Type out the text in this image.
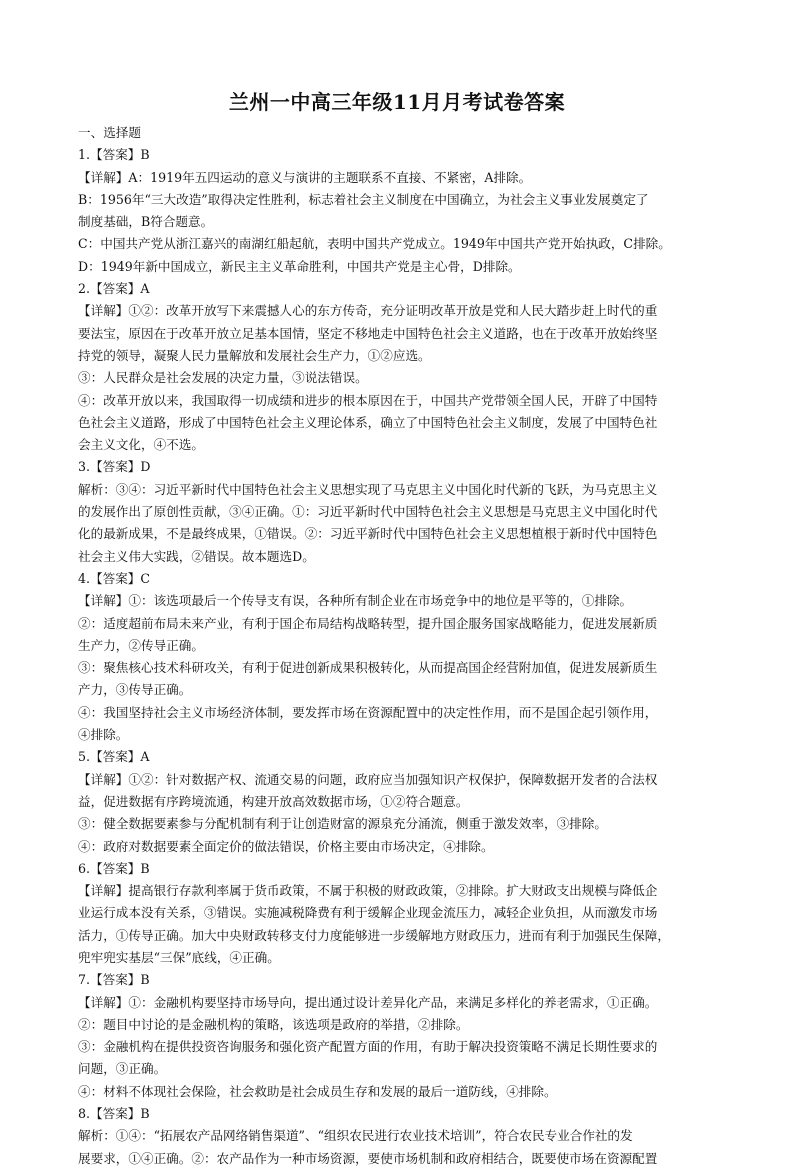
兰州一中高三年级11月月考试卷答案
一、选择题
1.【答案】B
【详解】A：1919年五四运动的意义与演讲的主题联系不直接、不紧密，A排除。
B：1956年“三大改造”取得决定性胜利，标志着社会主义制度在中国确立，为社会主义事业发展奠定了
制度基础，B符合题意。
C：中国共产党从浙江嘉兴的南湖红船起航，表明中国共产党成立。1949年中国共产党开始执政，C排除。
D：1949年新中国成立，新民主主义革命胜利，中国共产党是主心骨，D排除。
2.【答案】A
【详解】①②：改革开放写下来震撼人心的东方传奇，充分证明改革开放是党和人民大踏步赶上时代的重
要法宝，原因在于改革开放立足基本国情，坚定不移地走中国特色社会主义道路，也在于改革开放始终坚
持党的领导，凝聚人民力量解放和发展社会生产力，①②应选。
③：人民群众是社会发展的决定力量，③说法错误。
④：改革开放以来，我国取得一切成绩和进步的根本原因在于，中国共产党带领全国人民，开辟了中国特
色社会主义道路，形成了中国特色社会主义理论体系，确立了中国特色社会主义制度，发展了中国特色社
会主义文化，④不选。
3.【答案】D
解析：③④：习近平新时代中国特色社会主义思想实现了马克思主义中国化时代新的飞跃，为马克思主义
的发展作出了原创性贡献，③④正确。①：习近平新时代中国特色社会主义思想是马克思主义中国化时代
化的最新成果，不是最终成果，①错误。②：习近平新时代中国特色社会主义思想植根于新时代中国特色
社会主义伟大实践，②错误。故本题选D。
4.【答案】C
【详解】①：该选项最后一个传导支有误，各种所有制企业在市场竞争中的地位是平等的，①排除。
②：适度超前布局未来产业，有利于国企布局结构战略转型，提升国企服务国家战略能力，促进发展新质
生产力，②传导正确。
③：聚焦核心技术科研攻关，有利于促进创新成果积极转化，从而提高国企经营附加值，促进发展新质生
产力，③传导正确。
④：我国坚持社会主义市场经济体制，要发挥市场在资源配置中的决定性作用，而不是国企起引领作用，
④排除。
5.【答案】A
【详解】①②：针对数据产权、流通交易的问题，政府应当加强知识产权保护，保障数据开发者的合法权
益，促进数据有序跨境流通，构建开放高效数据市场，①②符合题意。
③：健全数据要素参与分配机制有利于让创造财富的源泉充分涌流，侧重于激发效率，③排除。
④：政府对数据要素全面定价的做法错误，价格主要由市场决定，④排除。
6.【答案】B
【详解】提高银行存款利率属于货币政策，不属于积极的财政政策，②排除。扩大财政支出规模与降低企
业运行成本没有关系，③错误。实施减税降费有利于缓解企业现金流压力，减轻企业负担，从而激发市场
活力，①传导正确。加大中央财政转移支付力度能够进一步缓解地方财政压力，进而有利于加强民生保障，
兜牢兜实基层“三保”底线，④正确。
7.【答案】B
【详解】①：金融机构要坚持市场导向，提出通过设计差异化产品，来满足多样化的养老需求，①正确。
②：题目中讨论的是金融机构的策略，该选项是政府的举措，②排除。
③：金融机构在提供投资咨询服务和强化资产配置方面的作用，有助于解决投资策略不满足长期性要求的
问题，③正确。
④：材料不体现社会保险，社会救助是社会成员生存和发展的最后一道防线，④排除。
8.【答案】B
解析：①④：“拓展农产品网络销售渠道”、“组织农民进行农业技术培训”，符合农民专业合作社的发
展要求，①④正确。②：农产品作为一种市场资源，要使市场机制和政府相结合，既要使市场在资源配置
